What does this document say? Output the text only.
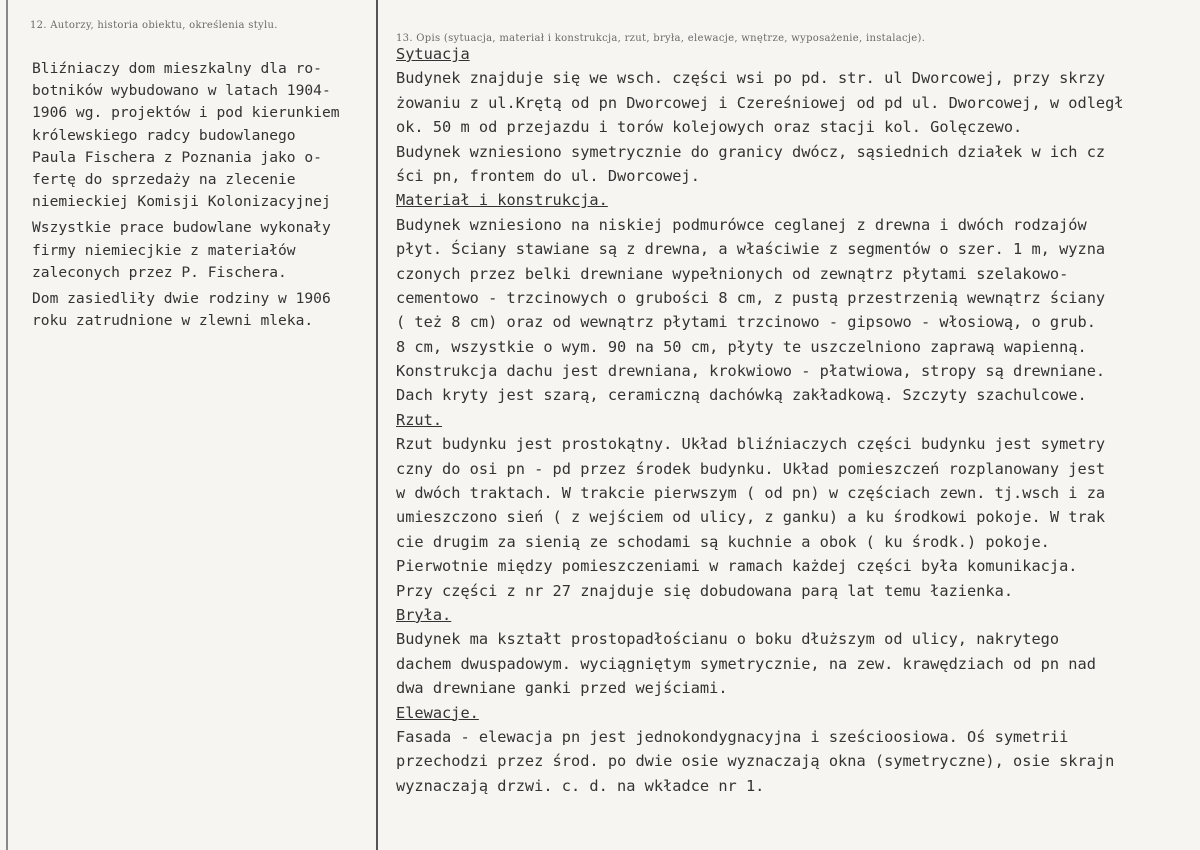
12. Autorzy, historia obiektu, określenia stylu.
13. Opis (sytuacja, materiał i konstrukcja, rzut, bryła, elewacje, wnętrze, wyposażenie, instalacje).

Bliźniaczy dom mieszkalny dla ro-
botników wybudowano w latach 1904-
1906 wg. projektów i pod kierunkiem
królewskiego radcy budowlanego
Paula Fischera z Poznania jako o-
fertę do sprzedaży na zlecenie
niemieckiej Komisji Kolonizacyjnej

Wszystkie prace budowlane wykonały
firmy niemiecjkie z materiałów
zaleconych przez P. Fischera.

Dom zasiedliły dwie rodziny w 1906
roku zatrudnione w zlewni mleka.

Sytuacja
Budynek znajduje się we wsch. części wsi po pd. str. ul Dworcowej, przy skrzy
żowaniu z ul.Krętą od pn Dworcowej i Czereśniowej od pd ul. Dworcowej, w odległ
ok. 50 m od przejazdu i torów kolejowych oraz stacji kol. Golęczewo.
Budynek wzniesiono symetrycznie do granicy dwócz, sąsiednich działek w ich cz
ści pn, frontem do ul. Dworcowej.
Materiał i konstrukcja.
Budynek wzniesiono na niskiej podmurówce ceglanej z drewna i dwóch rodzajów
płyt. Ściany stawiane są z drewna, a właściwie z segmentów o szer. 1 m, wyzna
czonych przez belki drewniane wypełnionych od zewnątrz płytami szelakowo-
cementowo - trzcinowych o grubości 8 cm, z pustą przestrzenią wewnątrz ściany
( też 8 cm) oraz od wewnątrz płytami trzcinowo - gipsowo - włosiową, o grub.
8 cm, wszystkie o wym. 90 na 50 cm, płyty te uszczelniono zaprawą wapienną.
Konstrukcja dachu jest drewniana, krokwiowo - płatwiowa, stropy są drewniane.
Dach kryty jest szarą, ceramiczną dachówką zakładkową. Szczyty szachulcowe.
Rzut.
Rzut budynku jest prostokątny. Układ bliźniaczych części budynku jest symetry
czny do osi pn - pd przez środek budynku. Układ pomieszczeń rozplanowany jest
w dwóch traktach. W trakcie pierwszym ( od pn) w częściach zewn. tj.wsch i za
umieszczono sień ( z wejściem od ulicy, z ganku) a ku środkowi pokoje. W trak
cie drugim za sienią ze schodami są kuchnie a obok ( ku środk.) pokoje.
Pierwotnie między pomieszczeniami w ramach każdej części była komunikacja.
Przy części z nr 27 znajduje się dobudowana parą lat temu łazienka.
Bryła.
Budynek ma kształt prostopadłościanu o boku dłuższym od ulicy, nakrytego
dachem dwuspadowym. wyciągniętym symetrycznie, na zew. krawędziach od pn nad
dwa drewniane ganki przed wejściami.
Elewacje.
Fasada - elewacja pn jest jednokondygnacyjna i sześcioosiowa. Oś symetrii
przechodzi przez środ. po dwie osie wyznaczają okna (symetryczne), osie skrajn
wyznaczają drzwi. c. d. na wkładce nr 1.
